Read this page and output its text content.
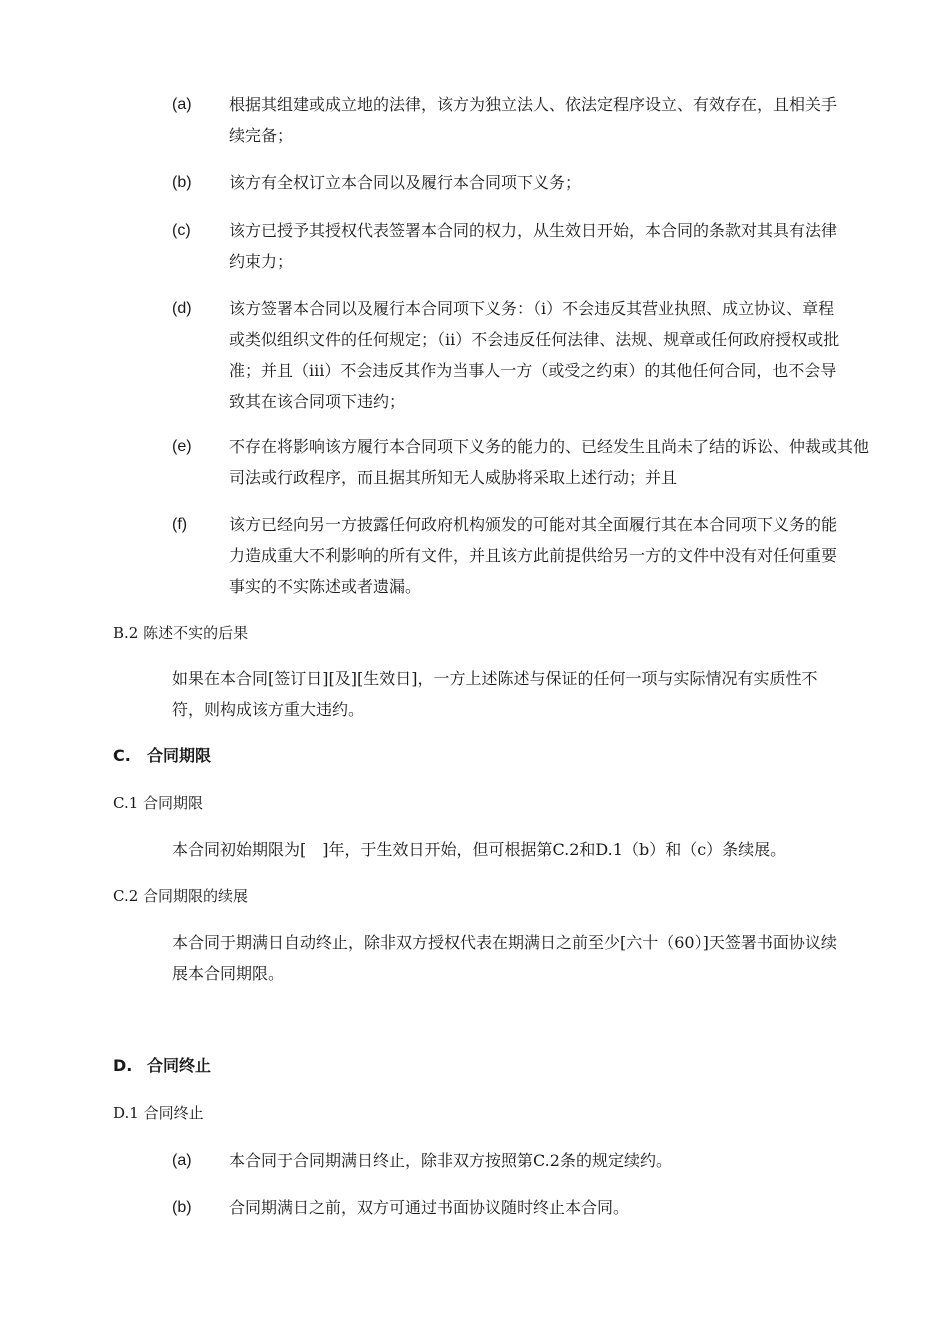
(a) 根据其组建或成立地的法律，该方为独立法人、依法定程序设立、有效存在，且相关手续完备；
(b) 该方有全权订立本合同以及履行本合同项下义务；
(c) 该方已授予其授权代表签署本合同的权力，从生效日开始，本合同的条款对其具有法律约束力；
(d) 该方签署本合同以及履行本合同项下义务：（i）不会违反其营业执照、成立协议、章程或类似组织文件的任何规定；（ii）不会违反任何法律、法规、规章或任何政府授权或批准；并且（iii）不会违反其作为当事人一方（或受之约束）的其他任何合同，也不会导致其在该合同项下违约；
(e) 不存在将影响该方履行本合同项下义务的能力的、已经发生且尚未了结的诉讼、仲裁或其他司法或行政程序，而且据其所知无人威胁将采取上述行动；并且
(f)	该方已经向另一方披露任何政府机构颁发的可能对其全面履行其在本合同项下义务的能力造成重大不利影响的所有文件，并且该方此前提供给另一方的文件中没有对任何重要事实的不实陈述或者遗漏。
B.2 陈述不实的后果
如果在本合同[签订日][及][生效日]，一方上述陈述与保证的任何一项与实际情况有实质性不符，则构成该方重大违约。
C. 合同期限
C.1 合同期限
本合同初始期限为[　]年，于生效日开始，但可根据第C.2和D.1（b）和（c）条续展。
C.2 合同期限的续展
本合同于期满日自动终止，除非双方授权代表在期满日之前至少[六十（60）]天签署书面协议续展本合同期限。
D. 合同终止
D.1 合同终止
(a) 本合同于合同期满日终止，除非双方按照第C.2条的规定续约。
(b) 合同期满日之前，双方可通过书面协议随时终止本合同。
